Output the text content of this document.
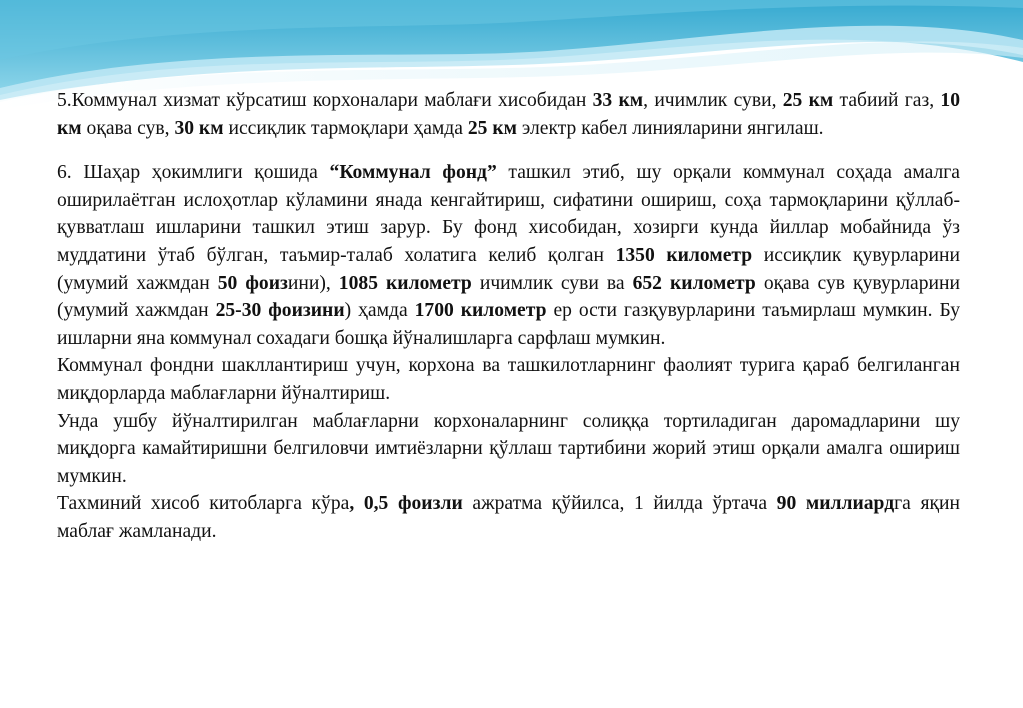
5.Коммунал хизмат кўрсатиш корхоналари маблағи хисобидан 33 км, ичимлик суви, 25 км табиий газ, 10 км оқава сув, 30 км иссиқлик тармоқлари ҳамда 25 км электр кабел линияларини янгилаш.

6. Шаҳар ҳокимлиги қошида “Коммунал фонд” ташкил этиб, шу орқали коммунал соҳада амалга оширилаётган ислоҳотлар кўламини янада кенгайтириш, сифатини ошириш, соҳа тармоқларини қўллаб-қувватлаш ишларини ташкил этиш зарур. Бу фонд хисобидан, хозирги кунда йиллар мобайнида ўз муддатини ўтаб бўлган, таъмир-талаб холатига келиб қолган 1350 километр иссиқлик қувурларини (умумий хажмдан 50 фоизини), 1085 километр ичимлик суви ва 652 километр оқава сув қувурларини (умумий хажмдан 25-30 фоизини) ҳамда 1700 километр ер ости газқувурларини таъмирлаш мумкин. Бу ишларни яна коммунал сохадаги бошқа йўналишларга сарфлаш мумкин.

Коммунал фондни шакллантириш учун, корхона ва ташкилотларнинг фаолият турига қараб белгиланган миқдорларда маблағларни йўналтириш.

Унда ушбу йўналтирилган маблағларни корхоналарнинг солиққа тортиладиган даромадларини шу миқдорга камайтиришни белгиловчи имтиёзларни қўллаш тартибини жорий этиш орқали амалга ошириш мумкин.

Тахминий хисоб китобларга кўра, 0,5 фоизли ажратма қўйилса, 1 йилда ўртача 90 миллиардга яқин маблағ жамланади.
